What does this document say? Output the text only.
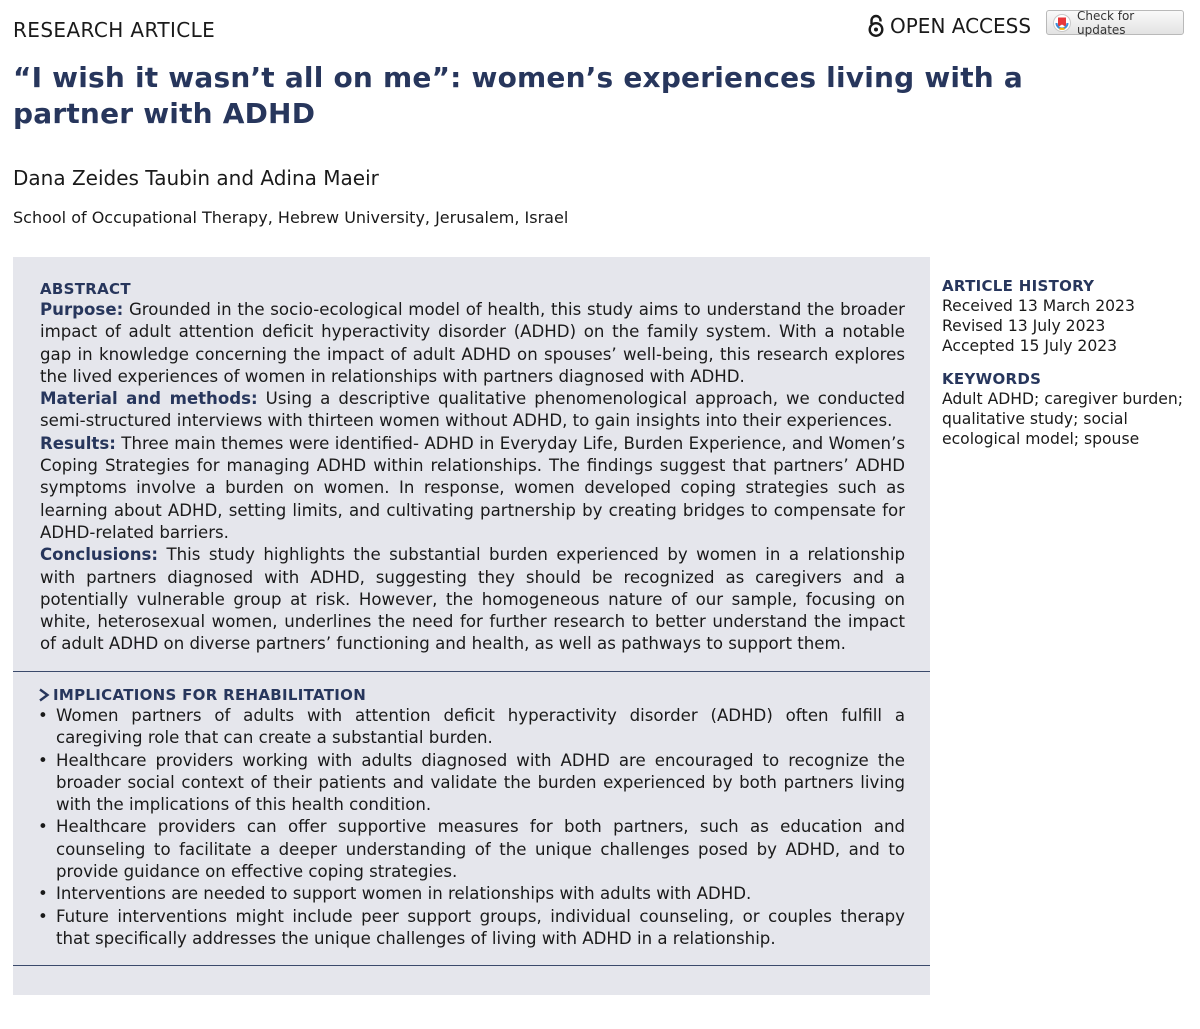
RESEARCH ARTICLE	OPEN ACCESS	Check for updates
“I wish it wasn’t all on me”: women’s experiences living with a partner with ADHD
Dana Zeides Taubin and Adina Maeir
School of Occupational Therapy, Hebrew University, Jerusalem, Israel
ABSTRACT

Purpose: Grounded in the socio-ecological model of health, this study aims to understand the broader impact of adult attention deficit hyperactivity disorder (ADHD) on the family system. With a notable gap in knowledge concerning the impact of adult ADHD on spouses’ well-being, this research explores the lived experiences of women in relationships with partners diagnosed with ADHD.

Material and methods: Using a descriptive qualitative phenomenological approach, we conducted semi-structured interviews with thirteen women without ADHD, to gain insights into their experiences.

Results: Three main themes were identified- ADHD in Everyday Life, Burden Experience, and Women’s Coping Strategies for managing ADHD within relationships. The findings suggest that partners’ ADHD symptoms involve a burden on women. In response, women developed coping strategies such as learning about ADHD, setting limits, and cultivating partnership by creating bridges to compensate for ADHD-related barriers.

Conclusions: This study highlights the substantial burden experienced by women in a relationship with partners diagnosed with ADHD, suggesting they should be recognized as caregivers and a potentially vulnerable group at risk. However, the homogeneous nature of our sample, focusing on white, heterosexual women, underlines the need for further research to better understand the impact of adult ADHD on diverse partners’ functioning and health, as well as pathways to support them.

IMPLICATIONS FOR REHABILITATION
• Women partners of adults with attention deficit hyperactivity disorder (ADHD) often fulfill a caregiving role that can create a substantial burden.
• Healthcare providers working with adults diagnosed with ADHD are encouraged to recognize the broader social context of their patients and validate the burden experienced by both partners living with the implications of this health condition.
• Healthcare providers can offer supportive measures for both partners, such as education and counseling to facilitate a deeper understanding of the unique challenges posed by ADHD, and to provide guidance on effective coping strategies.
• Interventions are needed to support women in relationships with adults with ADHD.
• Future interventions might include peer support groups, individual counseling, or couples therapy that specifically addresses the unique challenges of living with ADHD in a relationship.
ARTICLE HISTORY
Received 13 March 2023
Revised 13 July 2023
Accepted 15 July 2023
KEYWORDS
Adult ADHD; caregiver burden;
qualitative study; social
ecological model; spouse
